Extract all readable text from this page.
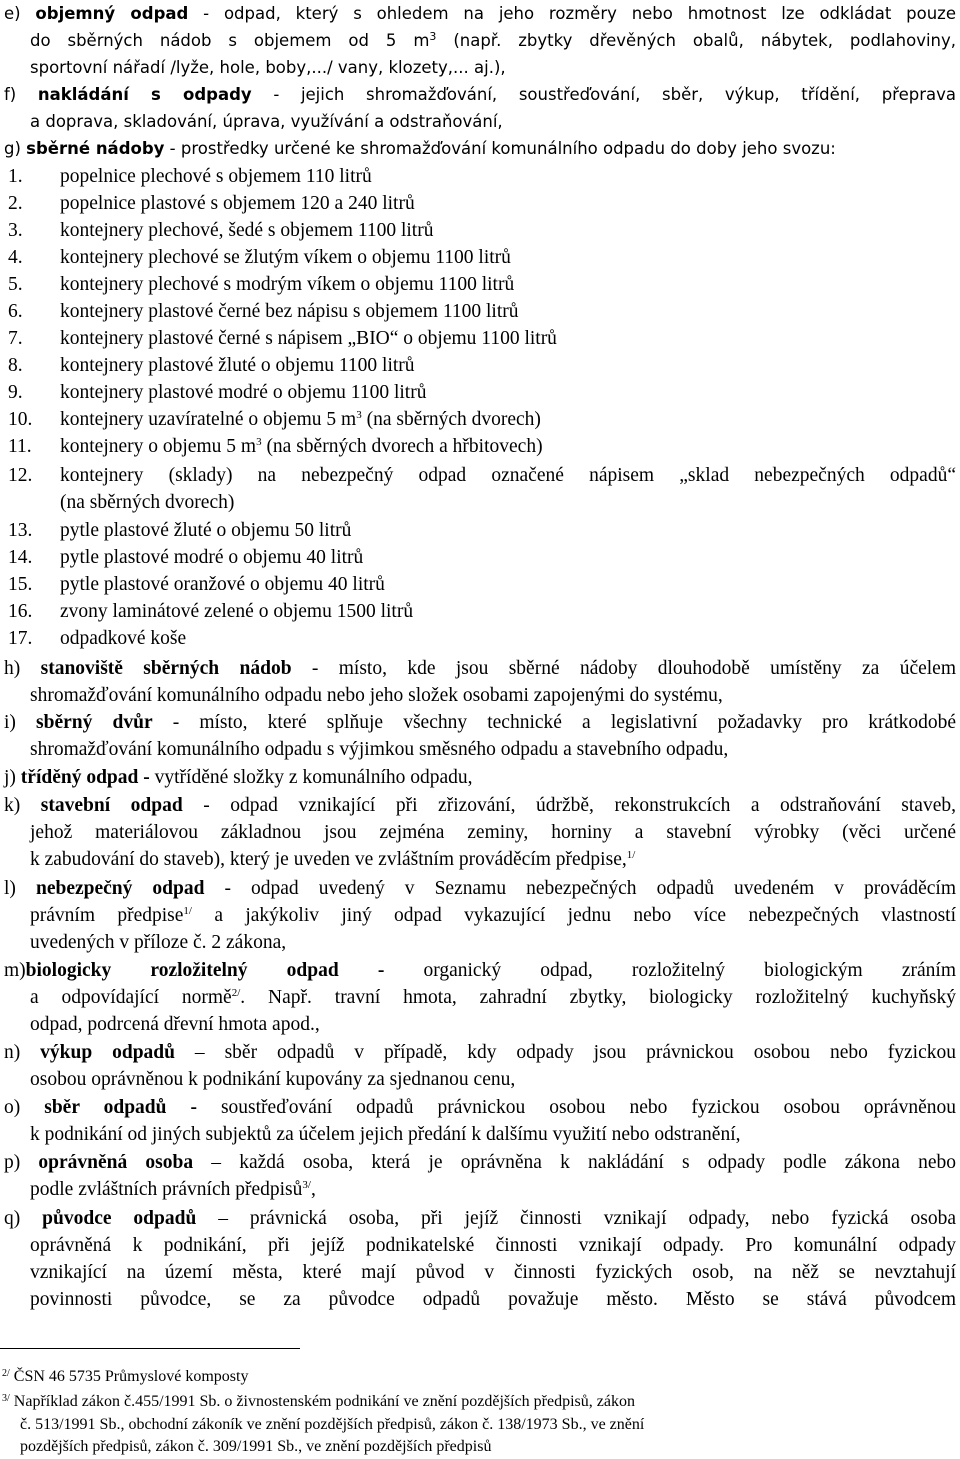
e) objemný odpad - odpad, který s ohledem na jeho rozměry nebo hmotnost lze odkládat pouze
do sběrných nádob s objemem od 5 $m^3$ (např. zbytky dřevěných obalů, nábytek, podlahoviny,
sportovní nářadí /lyže, hole, boby,.../ vany, klozety,... aj.),
f) nakládání s odpady - jejich shromažďování, soustřeďování, sběr, výkup, třídění, přeprava
a doprava, skladování, úprava, využívání a odstraňování,
g) sběrné nádoby - prostředky určené ke shromažďování komunálního odpadu do doby jeho svozu:
1. popelnice plechové s objemem 110 litrů
2. popelnice plastové s objemem 120 a 240 litrů
3. kontejnery plechové, šedé s objemem 1100 litrů
4. kontejnery plechové se žlutým víkem o objemu 1100 litrů
5. kontejnery plechové s modrým víkem o objemu 1100 litrů
6. kontejnery plastové černé bez nápisu s objemem 1100 litrů
7. kontejnery plastové černé s nápisem „BIO“ o objemu 1100 litrů
8. kontejnery plastové žluté o objemu 1100 litrů
9. kontejnery plastové modré o objemu 1100 litrů
10. kontejnery uzavíratelné o objemu 5 $m^3$ (na sběrných dvorech)
11. kontejnery o objemu 5 $m^3$ (na sběrných dvorech a hřbitovech)
12. kontejnery (sklady) na nebezpečný odpad označené nápisem „sklad nebezpečných odpadů“
(na sběrných dvorech)
13. pytle plastové žluté o objemu 50 litrů
14. pytle plastové modré o objemu 40 litrů
15. pytle plastové oranžové o objemu 40 litrů
16. zvony laminátové zelené o objemu 1500 litrů
17. odpadkové koše
h) stanoviště sběrných nádob - místo, kde jsou sběrné nádoby dlouhodobě umístěny za účelem
shromažďování komunálního odpadu nebo jeho složek osobami zapojenými do systému,
i) sběrný dvůr - místo, které splňuje všechny technické a legislativní požadavky pro krátkodobé
shromažďování komunálního odpadu s výjimkou směsného odpadu a stavebního odpadu,
j) tříděný odpad - vytříděné složky z komunálního odpadu,
k) stavební odpad - odpad vznikající při zřizování, údržbě, rekonstrukcích a odstraňování staveb,
jehož materiálovou základnou jsou zejména zeminy, horniny a stavební výrobky (věci určené
k zabudování do staveb), který je uveden ve zvláštním prováděcím předpise,$^{1/}$
l) nebezpečný odpad - odpad uvedený v Seznamu nebezpečných odpadů uvedeném v prováděcím
právním předpise$^{1/}$ a jakýkoliv jiný odpad vykazující jednu nebo více nebezpečných vlastností
uvedených v příloze č. 2 zákona,
m)biologicky rozložitelný odpad - organický odpad, rozložitelný biologickým zráním
a odpovídající normě$^{2/}$. Např. travní hmota, zahradní zbytky, biologicky rozložitelný kuchyňský
odpad, podrcená dřevní hmota apod.,
n) výkup odpadů – sběr odpadů v případě, kdy odpady jsou právnickou osobou nebo fyzickou
osobou oprávněnou k podnikání kupovány za sjednanou cenu,
o) sběr odpadů - soustřeďování odpadů právnickou osobou nebo fyzickou osobou oprávněnou
k podnikání od jiných subjektů za účelem jejich předání k dalšímu využití nebo odstranění,
p) oprávněná osoba – každá osoba, která je oprávněna k nakládání s odpady podle zákona nebo
podle zvláštních právních předpisů$^{3/}$,
q) původce odpadů – právnická osoba, při jejíž činnosti vznikají odpady, nebo fyzická osoba
oprávněná k podnikání, při jejíž podnikatelské činnosti vznikají odpady. Pro komunální odpady
vznikající na území města, které mají původ v činnosti fyzických osob, na něž se nevztahují
povinnosti původce, se za původce odpadů považuje město. Město se stává původcem
$^{2/}$ ČSN 46 5735 Průmyslové komposty
$^{3/}$ Například zákon č.455/1991 Sb. o živnostenském podnikání ve znění pozdějších předpisů, zákon
č. 513/1991 Sb., obchodní zákoník ve znění pozdějších předpisů, zákon č. 138/1973 Sb., ve znění
pozdějších předpisů, zákon č. 309/1991 Sb., ve znění pozdějších předpisů
